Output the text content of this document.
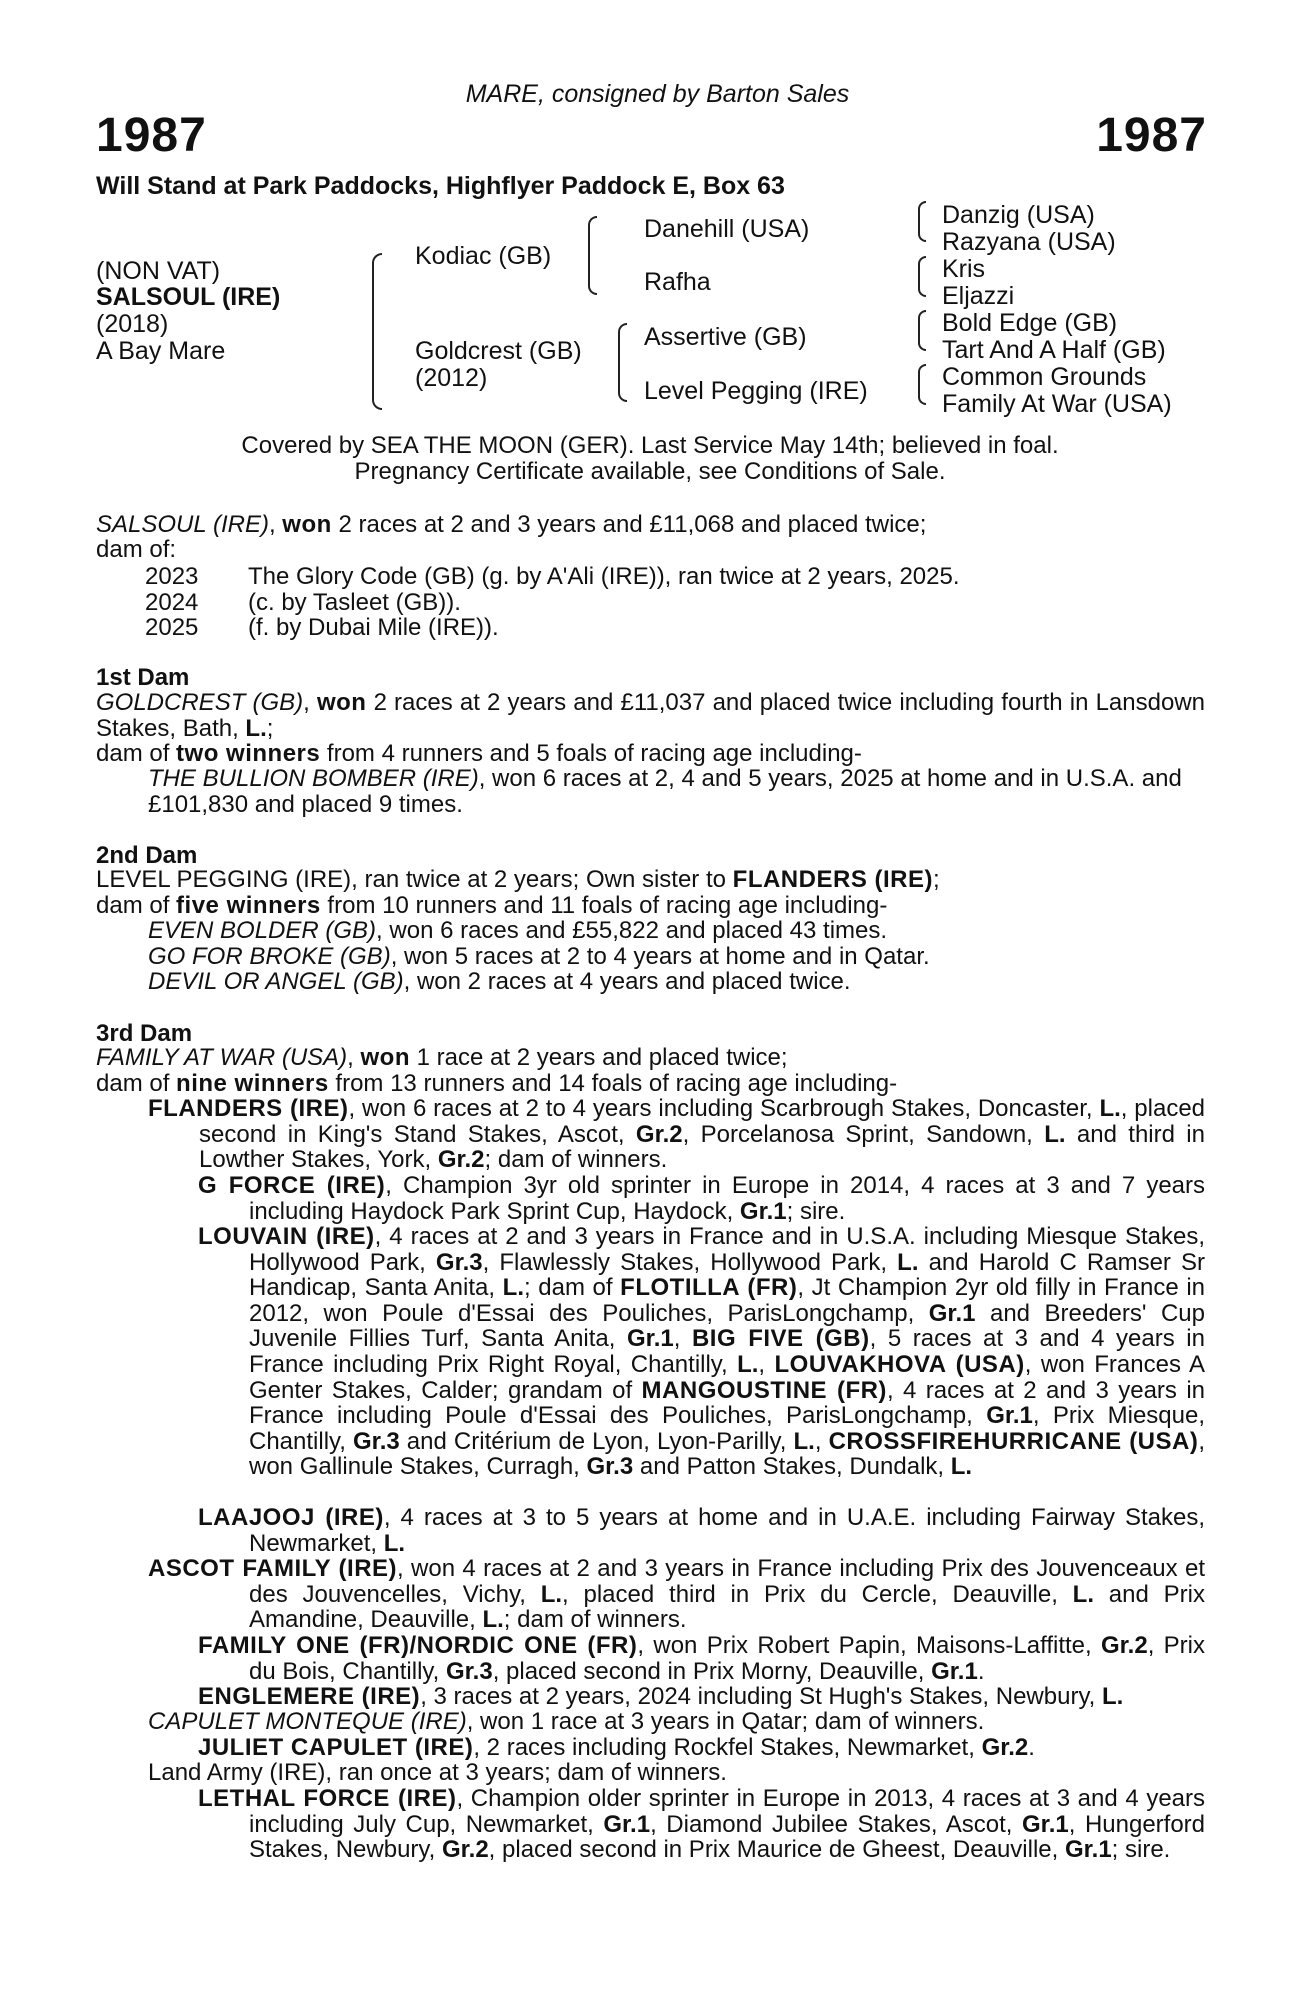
MARE, consigned by Barton Sales
1987	1987
Will Stand at Park Paddocks, Highflyer Paddock E, Box 63
(NON VAT)
SALSOUL (IRE)
(2018)
A Bay Mare
Kodiac (GB)
Goldcrest (GB)
(2012)
Danehill (USA)
Rafha
Assertive (GB)
Level Pegging (IRE)
Danzig (USA)
Razyana (USA)
Kris
Eljazzi
Bold Edge (GB)
Tart And A Half (GB)
Common Grounds
Family At War (USA)
Covered by SEA THE MOON (GER). Last Service May 14th; believed in foal.
Pregnancy Certificate available, see Conditions of Sale.
SALSOUL (IRE), won 2 races at 2 and 3 years and £11,068 and placed twice;
dam of:
2023 The Glory Code (GB) (g. by A'Ali (IRE)), ran twice at 2 years, 2025.
2024 (c. by Tasleet (GB)).
2025 (f. by Dubai Mile (IRE)).
1st Dam
GOLDCREST (GB), won 2 races at 2 years and £11,037 and placed twice including fourth in Lansdown Stakes, Bath, L.;
dam of two winners from 4 runners and 5 foals of racing age including-
THE BULLION BOMBER (IRE), won 6 races at 2, 4 and 5 years, 2025 at home and in U.S.A. and £101,830 and placed 9 times.
2nd Dam
LEVEL PEGGING (IRE), ran twice at 2 years; Own sister to FLANDERS (IRE);
dam of five winners from 10 runners and 11 foals of racing age including-
EVEN BOLDER (GB), won 6 races and £55,822 and placed 43 times.
GO FOR BROKE (GB), won 5 races at 2 to 4 years at home and in Qatar.
DEVIL OR ANGEL (GB), won 2 races at 4 years and placed twice.
3rd Dam
FAMILY AT WAR (USA), won 1 race at 2 years and placed twice;
dam of nine winners from 13 runners and 14 foals of racing age including-
FLANDERS (IRE), won 6 races at 2 to 4 years including Scarbrough Stakes, Doncaster, L., placed second in King's Stand Stakes, Ascot, Gr.2, Porcelanosa Sprint, Sandown, L. and third in Lowther Stakes, York, Gr.2; dam of winners.
G FORCE (IRE), Champion 3yr old sprinter in Europe in 2014, 4 races at 3 and 7 years including Haydock Park Sprint Cup, Haydock, Gr.1; sire.
LOUVAIN (IRE), 4 races at 2 and 3 years in France and in U.S.A. including Miesque Stakes, Hollywood Park, Gr.3, Flawlessly Stakes, Hollywood Park, L. and Harold C Ramser Sr Handicap, Santa Anita, L.; dam of FLOTILLA (FR), Jt Champion 2yr old filly in France in 2012, won Poule d'Essai des Pouliches, ParisLongchamp, Gr.1 and Breeders' Cup Juvenile Fillies Turf, Santa Anita, Gr.1, BIG FIVE (GB), 5 races at 3 and 4 years in France including Prix Right Royal, Chantilly, L., LOUVAKHOVA (USA), won Frances A Genter Stakes, Calder; grandam of MANGOUSTINE (FR), 4 races at 2 and 3 years in France including Poule d'Essai des Pouliches, ParisLongchamp, Gr.1, Prix Miesque, Chantilly, Gr.3 and Critérium de Lyon, Lyon-Parilly, L., CROSSFIREHURRICANE (USA), won Gallinule Stakes, Curragh, Gr.3 and Patton Stakes, Dundalk, L.
LAAJOOJ (IRE), 4 races at 3 to 5 years at home and in U.A.E. including Fairway Stakes, Newmarket, L.
ASCOT FAMILY (IRE), won 4 races at 2 and 3 years in France including Prix des Jouvenceaux et des Jouvencelles, Vichy, L., placed third in Prix du Cercle, Deauville, L. and Prix Amandine, Deauville, L.; dam of winners.
FAMILY ONE (FR)/NORDIC ONE (FR), won Prix Robert Papin, Maisons-Laffitte, Gr.2, Prix du Bois, Chantilly, Gr.3, placed second in Prix Morny, Deauville, Gr.1.
ENGLEMERE (IRE), 3 races at 2 years, 2024 including St Hugh's Stakes, Newbury, L.
CAPULET MONTEQUE (IRE), won 1 race at 3 years in Qatar; dam of winners.
JULIET CAPULET (IRE), 2 races including Rockfel Stakes, Newmarket, Gr.2.
Land Army (IRE), ran once at 3 years; dam of winners.
LETHAL FORCE (IRE), Champion older sprinter in Europe in 2013, 4 races at 3 and 4 years including July Cup, Newmarket, Gr.1, Diamond Jubilee Stakes, Ascot, Gr.1, Hungerford Stakes, Newbury, Gr.2, placed second in Prix Maurice de Gheest, Deauville, Gr.1; sire.
